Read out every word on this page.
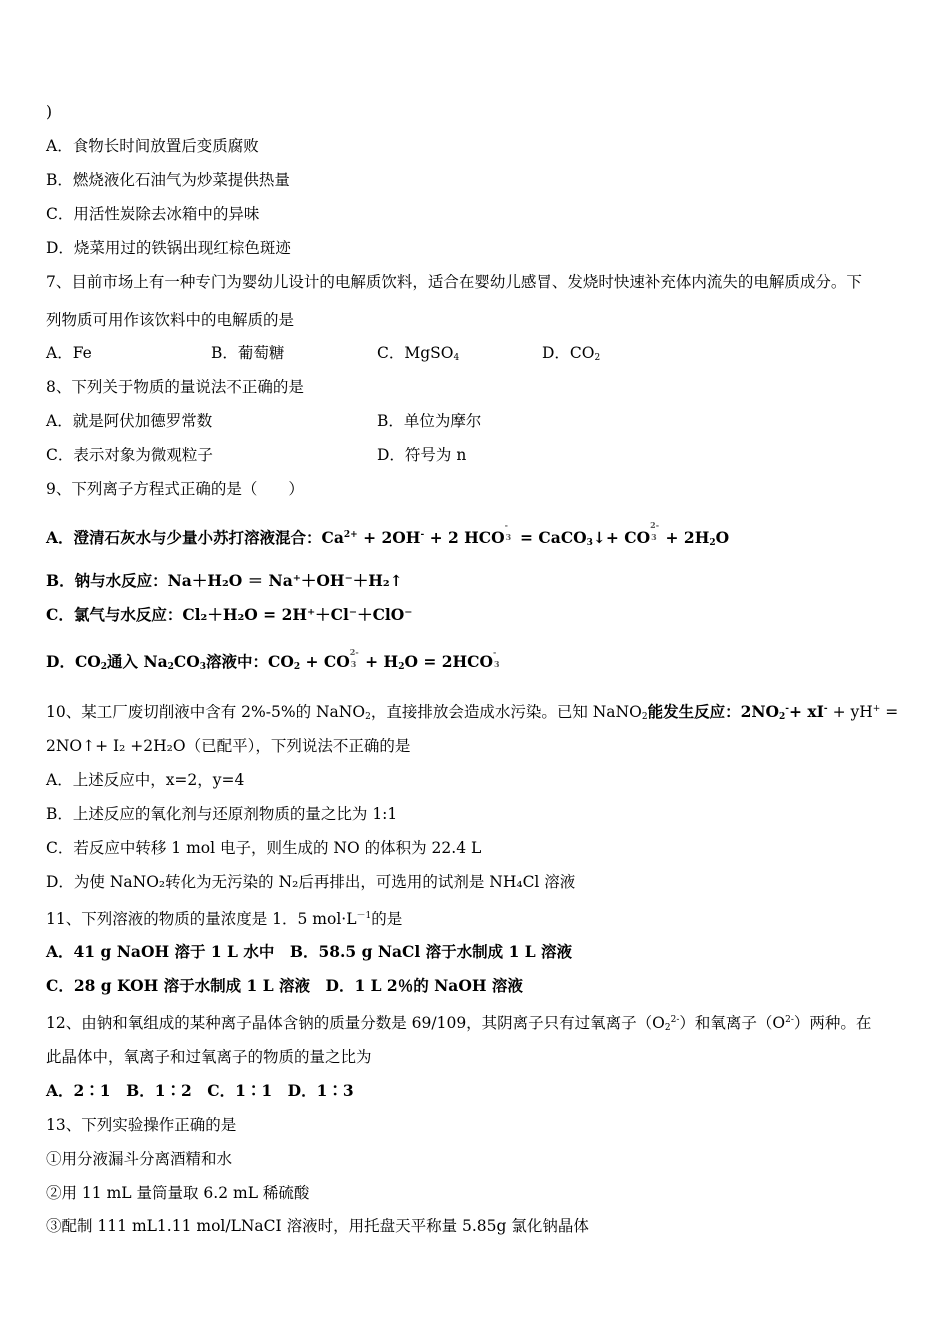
)
A．食物长时间放置后变质腐败
B．燃烧液化石油气为炒菜提供热量
C．用活性炭除去冰箱中的异味
D．烧菜用过的铁锅出现红棕色斑迹
7、目前市场上有一种专门为婴幼儿设计的电解质饮料，适合在婴幼儿感冒、发烧时快速补充体内流失的电解质成分。下
列物质可用作该饮料中的电解质的是
A．Fe	B．葡萄糖	C．MgSO$_4$	D．$CO_2$
8、下列关于物质的量说法不正确的是
A．就是阿伏加德罗常数	B．单位为摩尔
C．表示对象为微观粒子	D．符号为 n
9、下列离子方程式正确的是（　　）
A．澄清石灰水与少量小苏打溶液混合：$Ca^{2+} + 2OH^- + 2$ HCO
-
3 = CaCO$_3$↓+ CO
2-
$3 + 2H_2O$
B．钠与水反应：Na＋H₂O ＝ Na⁺＋OH⁻＋H₂↑
C．氯气与水反应：Cl₂＋H₂O = 2H⁺＋Cl⁻＋ClO⁻
D．$CO_2$通入 $Na_2CO_3$溶液中：$CO_2$ + CO 2-
$3 + H_2O = 2HCO$ -
3
10、某工厂废切削液中含有 2%-5%的 NaNO$_2$，直接排放会造成水污染。已知 NaNO$_2$能发生反应：$2NO_2^-+ xI^- + yH^+$ =
2NO↑+ I₂ +2H₂O（已配平），下列说法不正确的是
A．上述反应中，x=2，y=4
B．上述反应的氧化剂与还原剂物质的量之比为 1:1
C．若反应中转移 1 mol 电子，则生成的 NO 的体积为 22.4 L
D．为使 NaNO₂转化为无污染的 N₂后再排出，可选用的试剂是 NH₄Cl 溶液
11、下列溶液的物质的量浓度是 1．5 $mol\cdot L^{-1}$的是
A．41 g NaOH 溶于 1 L 水中　B．58.5 g NaCl 溶于水制成 1 L 溶液
C．28 g KOH 溶于水制成 1 L 溶液　D．1 L 2％的 NaOH 溶液
12、由钠和氧组成的某种离子晶体含钠的质量分数是 69/109，其阴离子只有过氧离子$(O_2^{2-})$和氧离子$(O^{2-})$两种。在
此晶体中，氧离子和过氧离子的物质的量之比为
A．2∶1　B．1∶2　C．1∶1　D．1∶3
13、下列实验操作正确的是
①用分液漏斗分离酒精和水
②用 11 mL 量筒量取 6.2 mL 稀硫酸
③配制 111 mL1.11 mol/LNaCI 溶液时，用托盘天平称量 5.85g 氯化钠晶体
